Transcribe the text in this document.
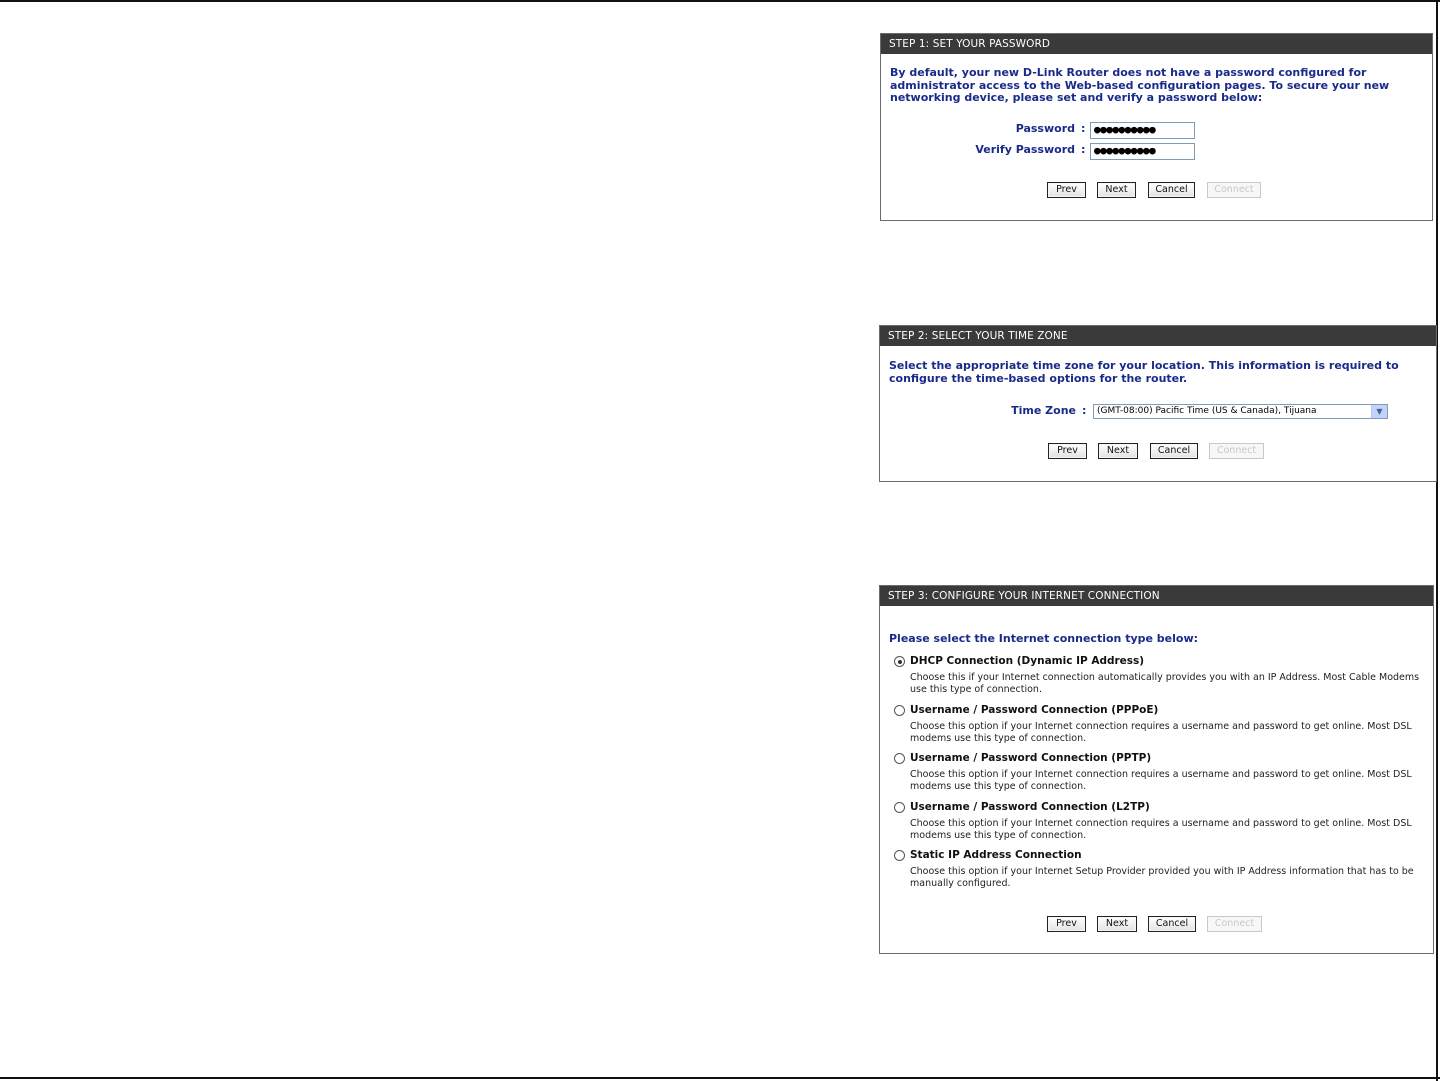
STEP 1: SET YOUR PASSWORD

By default, your new D-Link Router does not have a password configured for administrator access to the Web-based configuration pages. To secure your new networking device, please set and verify a password below:

Password : ●●●●●●●●●●
Verify Password : ●●●●●●●●●●
Prev	Next	Cancel	Connect
STEP 2: SELECT YOUR TIME ZONE

Select the appropriate time zone for your location. This information is required to configure the time-based options for the router.

Time Zone :	(GMT-08:00) Pacific Time (US & Canada), Tijuana	▼
Prev	Next	Cancel	Connect
STEP 3: CONFIGURE YOUR INTERNET CONNECTION
Please select the Internet connection type below:
DHCP Connection (Dynamic IP Address)
Choose this if your Internet connection automatically provides you with an IP Address. Most Cable Modems use this type of connection.
Username / Password Connection (PPPoE)
Choose this option if your Internet connection requires a username and password to get online. Most DSL modems use this type of connection.
Username / Password Connection (PPTP)
Choose this option if your Internet connection requires a username and password to get online. Most DSL modems use this type of connection.
Username / Password Connection (L2TP)
Choose this option if your Internet connection requires a username and password to get online. Most DSL modems use this type of connection.
Static IP Address Connection
Choose this option if your Internet Setup Provider provided you with IP Address information that has to be manually configured.
Prev	Next	Cancel	Connect
